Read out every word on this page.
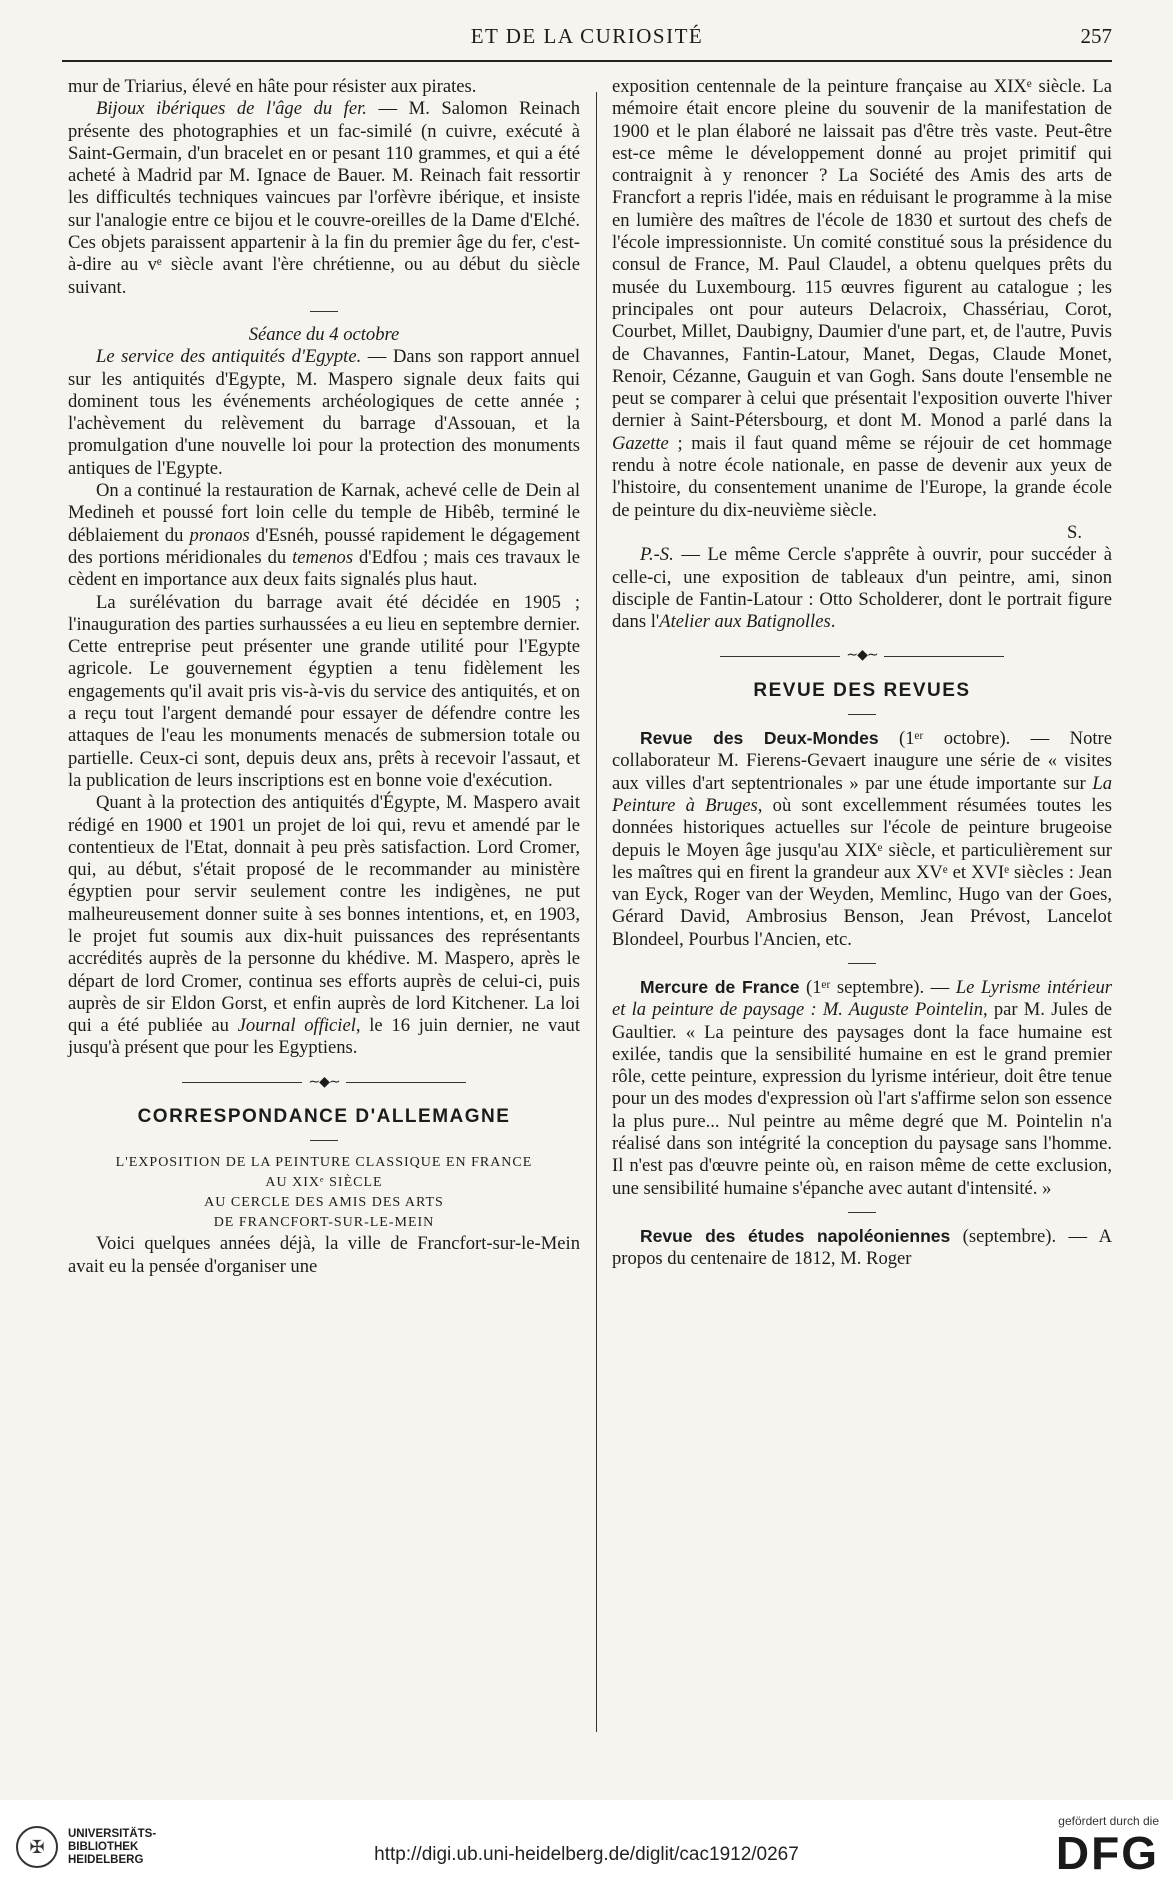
ET DE LA CURIOSITÉ	257

mur de Triarius, élevé en hâte pour résister aux pirates.

Bijoux ibériques de l'âge du fer. — M. Salomon Reinach présente des photographies et un fac-similé (n cuivre, exécuté à Saint-Germain, d'un bracelet en or pesant 110 grammes, et qui a été acheté à Madrid par M. Ignace de Bauer. M. Reinach fait ressortir les difficultés techniques vaincues par l'orfèvre ibérique, et insiste sur l'analogie entre ce bijou et le couvre-oreilles de la Dame d'Elché. Ces objets paraissent appartenir à la fin du premier âge du fer, c'est-à-dire au vᵉ siècle avant l'ère chrétienne, ou au début du siècle suivant.

Séance du 4 octobre

Le service des antiquités d'Egypte. — Dans son rapport annuel sur les antiquités d'Egypte, M. Maspero signale deux faits qui dominent tous les événements archéologiques de cette année ; l'achèvement du relèvement du barrage d'Assouan, et la promulgation d'une nouvelle loi pour la protection des monuments antiques de l'Egypte.

On a continué la restauration de Karnak, achevé celle de Dein al Medineh et poussé fort loin celle du temple de Hibêb, terminé le déblaiement du pronaos d'Esnéh, poussé rapidement le dégagement des portions méridionales du temenos d'Edfou ; mais ces travaux le cèdent en importance aux deux faits signalés plus haut.

La surélévation du barrage avait été décidée en 1905 ; l'inauguration des parties surhaussées a eu lieu en septembre dernier. Cette entreprise peut présenter une grande utilité pour l'Egypte agricole. Le gouvernement égyptien a tenu fidèlement les engagements qu'il avait pris vis-à-vis du service des antiquités, et on a reçu tout l'argent demandé pour essayer de défendre contre les attaques de l'eau les monuments menacés de submersion totale ou partielle. Ceux-ci sont, depuis deux ans, prêts à recevoir l'assaut, et la publication de leurs inscriptions est en bonne voie d'exécution.

Quant à la protection des antiquités d'Égypte, M. Maspero avait rédigé en 1900 et 1901 un projet de loi qui, revu et amendé par le contentieux de l'Etat, donnait à peu près satisfaction. Lord Cromer, qui, au début, s'était proposé de le recommander au ministère égyptien pour servir seulement contre les indigènes, ne put malheureusement donner suite à ses bonnes intentions, et, en 1903, le projet fut soumis aux dix-huit puissances des représentants accrédités auprès de la personne du khédive. M. Maspero, après le départ de lord Cromer, continua ses efforts auprès de celui-ci, puis auprès de sir Eldon Gorst, et enfin auprès de lord Kitchener. La loi qui a été publiée au Journal officiel, le 16 juin dernier, ne vaut jusqu'à présent que pour les Egyptiens.

∼◆∼
CORRESPONDANCE D'ALLEMAGNE
L'EXPOSITION DE LA PEINTURE CLASSIQUE EN FRANCE
AU XIXᵉ SIÈCLE
AU CERCLE DES AMIS DES ARTS
DE FRANCFORT-SUR-LE-MEIN

Voici quelques années déjà, la ville de Francfort-sur-le-Mein avait eu la pensée d'organiser une

exposition centennale de la peinture française au XIXᵉ siècle. La mémoire était encore pleine du souvenir de la manifestation de 1900 et le plan élaboré ne laissait pas d'être très vaste. Peut-être est-ce même le développement donné au projet primitif qui contraignit à y renoncer ? La Société des Amis des arts de Francfort a repris l'idée, mais en réduisant le programme à la mise en lumière des maîtres de l'école de 1830 et surtout des chefs de l'école impressionniste. Un comité constitué sous la présidence du consul de France, M. Paul Claudel, a obtenu quelques prêts du musée du Luxembourg. 115 œuvres figurent au catalogue ; les principales ont pour auteurs Delacroix, Chassériau, Corot, Courbet, Millet, Daubigny, Daumier d'une part, et, de l'autre, Puvis de Chavannes, Fantin-Latour, Manet, Degas, Claude Monet, Renoir, Cézanne, Gauguin et van Gogh. Sans doute l'ensemble ne peut se comparer à celui que présentait l'exposition ouverte l'hiver dernier à Saint-Pétersbourg, et dont M. Monod a parlé dans la Gazette ; mais il faut quand même se réjouir de cet hommage rendu à notre école nationale, en passe de devenir aux yeux de l'histoire, du consentement unanime de l'Europe, la grande école de peinture du dix-neuvième siècle.

S.

P.-S. — Le même Cercle s'apprête à ouvrir, pour succéder à celle-ci, une exposition de tableaux d'un peintre, ami, sinon disciple de Fantin-Latour : Otto Scholderer, dont le portrait figure dans l'Atelier aux Batignolles.

∼◆∼
REVUE DES REVUES

Revue des Deux-Mondes (1ᵉʳ octobre). — Notre collaborateur M. Fierens-Gevaert inaugure une série de « visites aux villes d'art septentrionales » par une étude importante sur La Peinture à Bruges, où sont excellemment résumées toutes les données historiques actuelles sur l'école de peinture brugeoise depuis le Moyen âge jusqu'au XIXᵉ siècle, et particulièrement sur les maîtres qui en firent la grandeur aux XVᵉ et XVIᵉ siècles : Jean van Eyck, Roger van der Weyden, Memlinc, Hugo van der Goes, Gérard David, Ambrosius Benson, Jean Prévost, Lancelot Blondeel, Pourbus l'Ancien, etc.

Mercure de France (1ᵉʳ septembre). — Le Lyrisme intérieur et la peinture de paysage : M. Auguste Pointelin, par M. Jules de Gaultier. « La peinture des paysages dont la face humaine est exilée, tandis que la sensibilité humaine en est le grand premier rôle, cette peinture, expression du lyrisme intérieur, doit être tenue pour un des modes d'expression où l'art s'affirme selon son essence la plus pure... Nul peintre au même degré que M. Pointelin n'a réalisé dans son intégrité la conception du paysage sans l'homme. Il n'est pas d'œuvre peinte où, en raison même de cette exclusion, une sensibilité humaine s'épanche avec autant d'intensité. »

Revue des études napoléoniennes (septembre). — A propos du centenaire de 1812, M. Roger

✠
UNIVERSITÄTS-
BIBLIOTHEK
HEIDELBERG	http://digi.ub.uni-heidelberg.de/diglit/cac1912/0267
gefördert durch die
DFG
